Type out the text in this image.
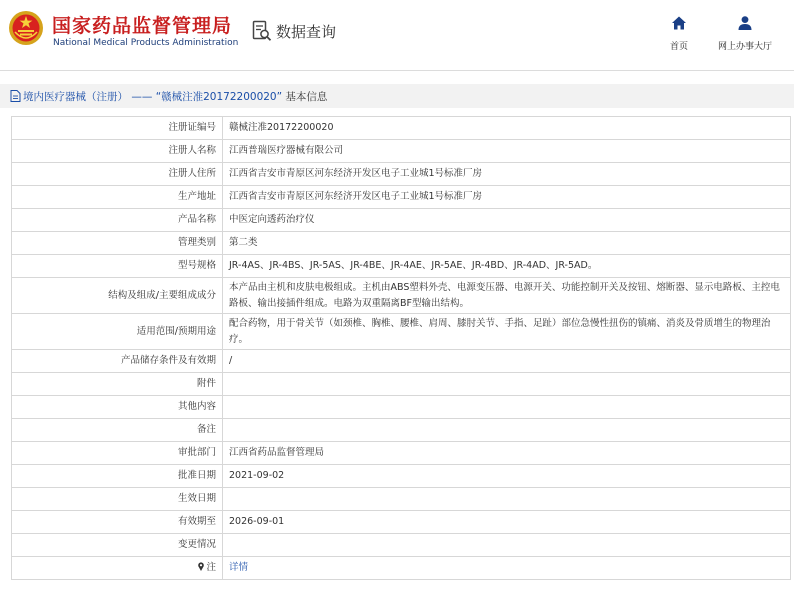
国家药品监督管理局
National Medical Products Administration
数据查询
首页	网上办事大厅
境内医疗器械（注册） —— “赣械注准20172200020” 基本信息
注册证编号	赣械注准20172200020
注册人名称	江西普瑞医疗器械有限公司
注册人住所	江西省吉安市青原区河东经济开发区电子工业城1号标准厂房
生产地址	江西省吉安市青原区河东经济开发区电子工业城1号标准厂房
产品名称	中医定向透药治疗仪
管理类别	第二类
型号规格	JR-4AS、JR-4BS、JR-5AS、JR-4BE、JR-4AE、JR-5AE、JR-4BD、JR-4AD、JR-5AD。
结构及组成/主要组成成分	本产品由主机和皮肤电极组成。主机由ABS塑料外壳、电源变压器、电源开关、功能控制开关及按钮、熔断器、显示电路板、主控电路板、输出接插件组成。电路为双重隔离BF型输出结构。
适用范围/预期用途	配合药物，用于骨关节（如颈椎、胸椎、腰椎、肩周、膝肘关节、手指、足趾）部位急慢性扭伤的镇痛、消炎及骨质增生的物理治疗。
产品储存条件及有效期	/
附件	
其他内容	
备注	
审批部门	江西省药品监督管理局
批准日期	2021-09-02
生效日期	
有效期至	2026-09-01
变更情况	
注	详情
